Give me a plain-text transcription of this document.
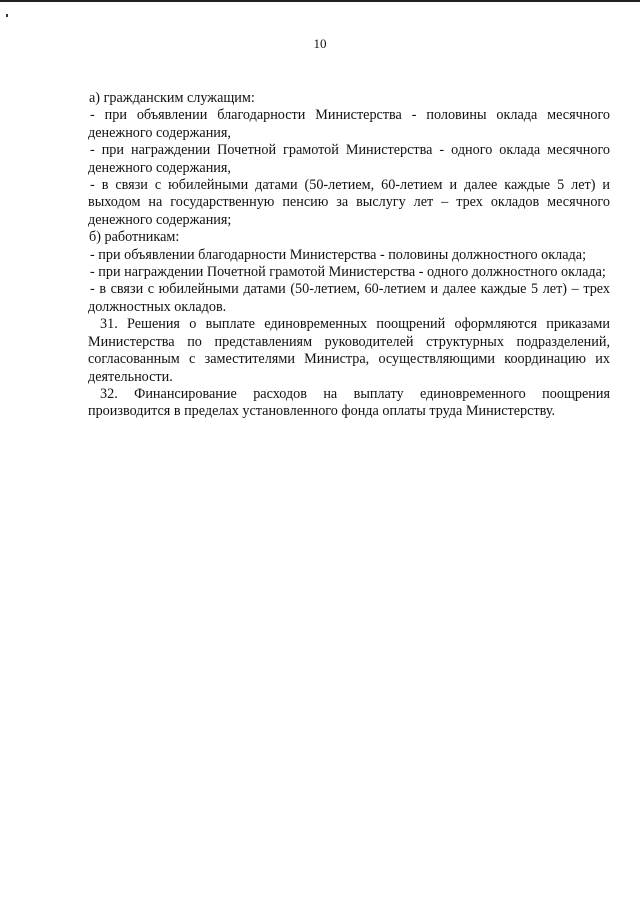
10

а) гражданским служащим:

- при объявлении благодарности Министерства - половины оклада месячного денежного содержания,

- при награждении Почетной грамотой Министерства - одного оклада месячного денежного содержания,

- в связи с юбилейными датами (50-летием, 60-летием и далее каждые 5 лет) и выходом на государственную пенсию за выслугу лет – трех окладов месячного денежного содержания;

б) работникам:

- при объявлении благодарности Министерства - половины должностного оклада;

- при награждении Почетной грамотой Министерства - одного должностного оклада;

- в связи с юбилейными датами (50-летием, 60-летием и далее каждые 5 лет) – трех должностных окладов.

31. Решения о выплате единовременных поощрений оформляются приказами Министерства по представлениям руководителей структурных подразделений, согласованным с заместителями Министра, осуществляющими координацию их деятельности.

32. Финансирование расходов на выплату единовременного поощрения производится в пределах установленного фонда оплаты труда Министерству.
